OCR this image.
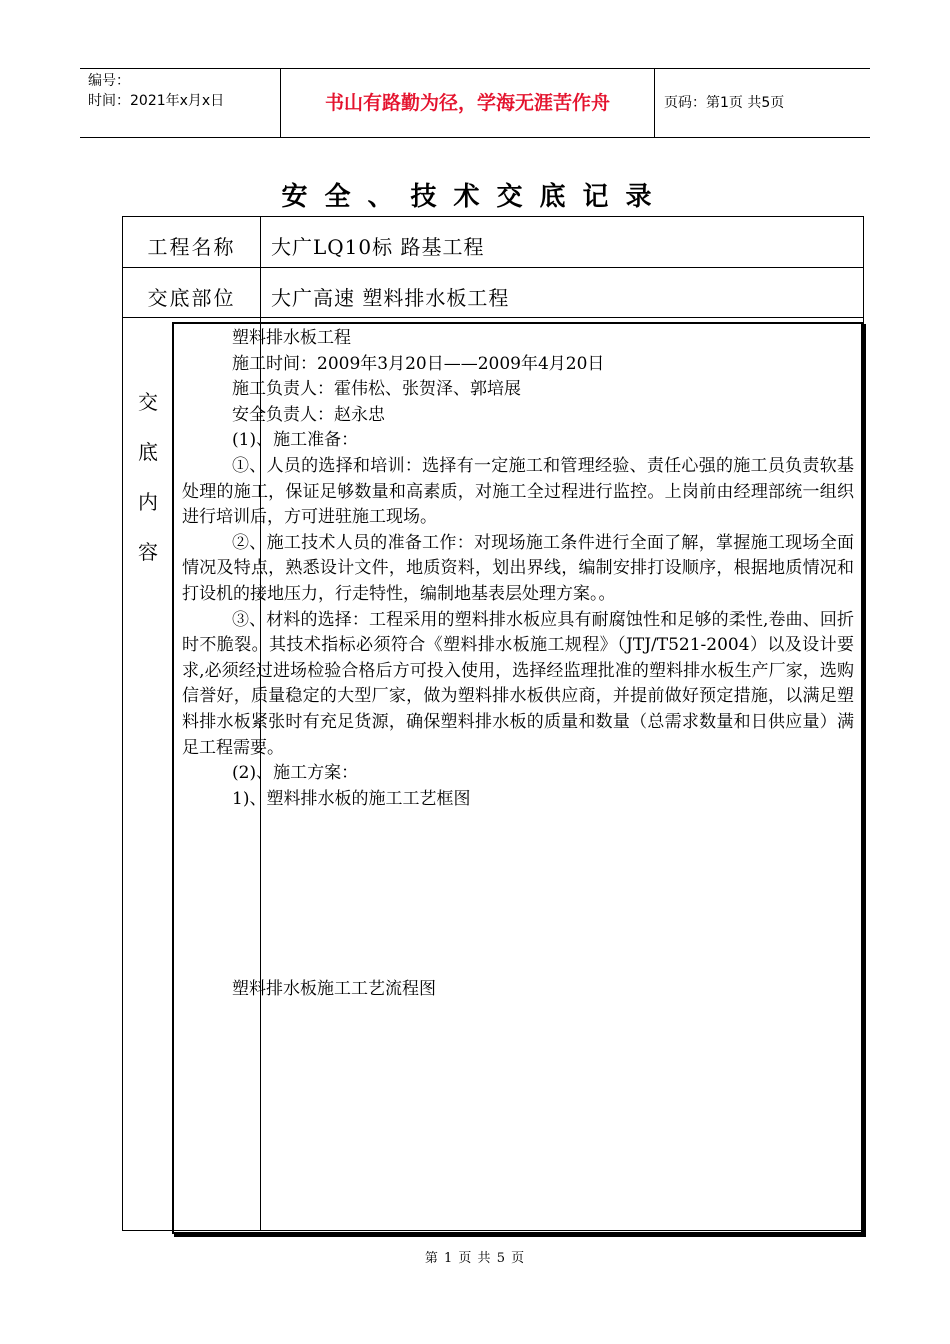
编号：
时间：2021年x月x日	书山有路勤为径，学海无涯苦作舟	页码：第1页 共5页
安全、技术交底记录
工程名称	大广LQ10标 路基工程
交底部位	大广高速 塑料排水板工程
交
底
内
容

塑料排水板工程

施工时间：2009年3月20日——2009年4月20日

施工负责人：霍伟松、张贺泽、郭培展

安全负责人：赵永忠

(1)、施工准备：

①、人员的选择和培训：选择有一定施工和管理经验、责任心强的施工员负责软基处理的施工，保证足够数量和高素质，对施工全过程进行监控。上岗前由经理部统一组织进行培训后，方可进驻施工现场。

②、施工技术人员的准备工作：对现场施工条件进行全面了解，掌握施工现场全面情况及特点，熟悉设计文件，地质资料，划出界线，编制安排打设顺序，根据地质情况和打设机的接地压力，行走特性，编制地基表层处理方案。。

③、材料的选择：工程采用的塑料排水板应具有耐腐蚀性和足够的柔性,卷曲、回折时不脆裂。其技术指标必须符合《塑料排水板施工规程》（JTJ/T521-2004）以及设计要求,必须经过进场检验合格后方可投入使用，选择经监理批准的塑料排水板生产厂家，选购信誉好，质量稳定的大型厂家，做为塑料排水板供应商，并提前做好预定措施，以满足塑料排水板紧张时有充足货源，确保塑料排水板的质量和数量（总需求数量和日供应量）满足工程需要。

(2)、施工方案：

1)、塑料排水板的施工工艺框图

塑料排水板施工工艺流程图
第 1 页 共 5 页
